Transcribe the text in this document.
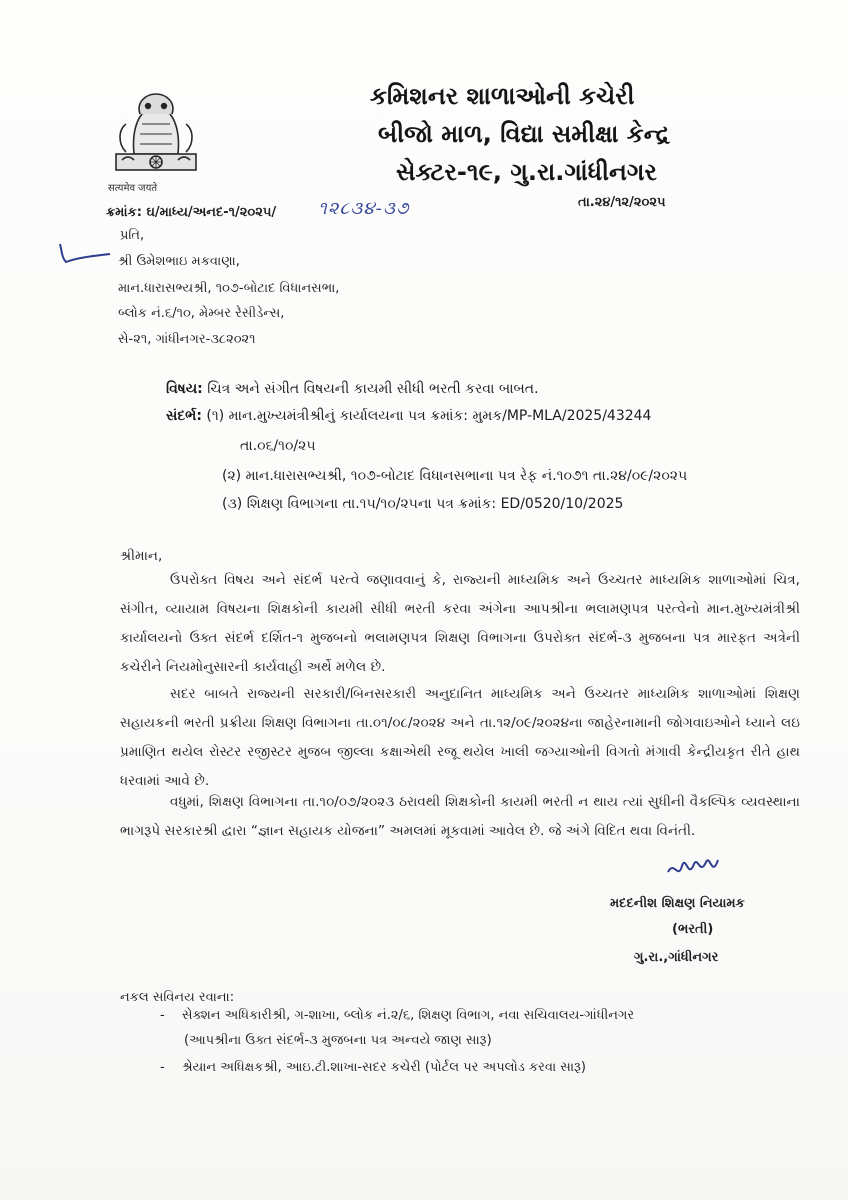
सत्यमेव जयते
કમિશનર શાળાઓની કચેરી
બીજો માળ, વિદ્યા સમીક્ષા કેન્દ્ર
સેક્ટર-૧૯, ગુ.રા.ગાંધીનગર
ક્રમાંક: ઘ/માધ્ય/અનદ-૧/૨૦૨૫/ ૧૨૮૩૪-૩૭	તા.૨૪/૧૨/૨૦૨૫
પ્રતિ,
શ્રી ઉમેશભાઇ મકવાણા,
માન.ધારાસભ્યશ્રી, ૧૦૭-બોટાદ વિધાનસભા,
બ્લોક નં.૬/૧૦, મેમ્બર રેસીડેન્સ,
સે-૨૧, ગાંધીનગર-૩૮૨૦૨૧
વિષય: ચિત્ર અને સંગીત વિષયની કાયમી સીધી ભરતી કરવા બાબત.
સંદર્ભ: (૧) માન.મુખ્યમંત્રીશ્રીનું કાર્યાલયના પત્ર ક્રમાંક: મુમક/MP-MLA/2025/43244
તા.૦૬/૧૦/૨૫
(૨) માન.ધારાસભ્યશ્રી, ૧૦૭-બોટાદ વિધાનસભાના પત્ર રેફ નં.૧૦૭૧ તા.૨૪/૦૯/૨૦૨૫
(૩) શિક્ષણ વિભાગના તા.૧૫/૧૦/૨૫ના પત્ર ક્રમાંક: ED/0520/10/2025
શ્રીમાન,
ઉપરોક્ત વિષય અને સંદર્ભ પરત્વે જણાવવાનું કે, રાજ્યની માધ્યમિક અને ઉચ્ચતર માધ્યમિક શાળાઓમાં ચિત્ર, સંગીત, વ્યાયામ વિષયના શિક્ષકોની કાયમી સીધી ભરતી કરવા અંગેના આપશ્રીના ભલામણપત્ર પરત્વેનો માન.મુખ્યમંત્રીશ્રી કાર્યાલયનો ઉક્ત સંદર્ભ દર્શિત-૧ મુજબનો ભલામણપત્ર શિક્ષણ વિભાગના ઉપરોક્ત સંદર્ભ-૩ મુજબના પત્ર મારફત અત્રેની કચેરીને નિયમોનુસારની કાર્યવાહી અર્થે મળેલ છે.
સદર બાબતે રાજ્યની સરકારી/બિનસરકારી અનુદાનિત માધ્યમિક અને ઉચ્ચતર માધ્યમિક શાળાઓમાં શિક્ષણ સહાયકની ભરતી પ્રક્રીયા શિક્ષણ વિભાગના તા.૦૧/૦૮/૨૦૨૪ અને તા.૧૨/૦૯/૨૦૨૪ના જાહેરનામાની જોગવાઇઓને ધ્યાને લઇ પ્રમાણિત થયેલ રોસ્ટર રજીસ્ટર મુજબ જીલ્લા કક્ષાએથી રજૂ થયેલ ખાલી જગ્યાઓની વિગતો મંગાવી કેન્દ્રીયકૃત રીતે હાથ ધરવામાં આવે છે.
વધુમાં, શિક્ષણ વિભાગના તા.૧૦/૦૭/૨૦૨૩ ઠરાવથી શિક્ષકોની કાયમી ભરતી ન થાય ત્યાં સુધીની વૈકલ્પિક વ્યવસ્થાના ભાગરૂપે સરકારશ્રી દ્વારા “જ્ઞાન સહાયક યોજના” અમલમાં મૂકવામાં આવેલ છે. જે અંગે વિદિત થવા વિનંતી.
મદદનીશ શિક્ષણ નિયામક
(ભરતી)
ગુ.રા.,ગાંધીનગર
નકલ સવિનય રવાના:
- સેક્શન અધિકારીશ્રી, ગ-શાખા, બ્લોક નં.૨/૬, શિક્ષણ વિભાગ, નવા સચિવાલય-ગાંધીનગર
(આપશ્રીના ઉક્ત સંદર્ભ-૩ મુજબના પત્ર અન્વયે જાણ સારૂ)
- શ્રેયાન અધિક્ષકશ્રી, આઇ.ટી.શાખા-સદર કચેરી (પોર્ટલ પર અપલોડ કરવા સારૂ)
